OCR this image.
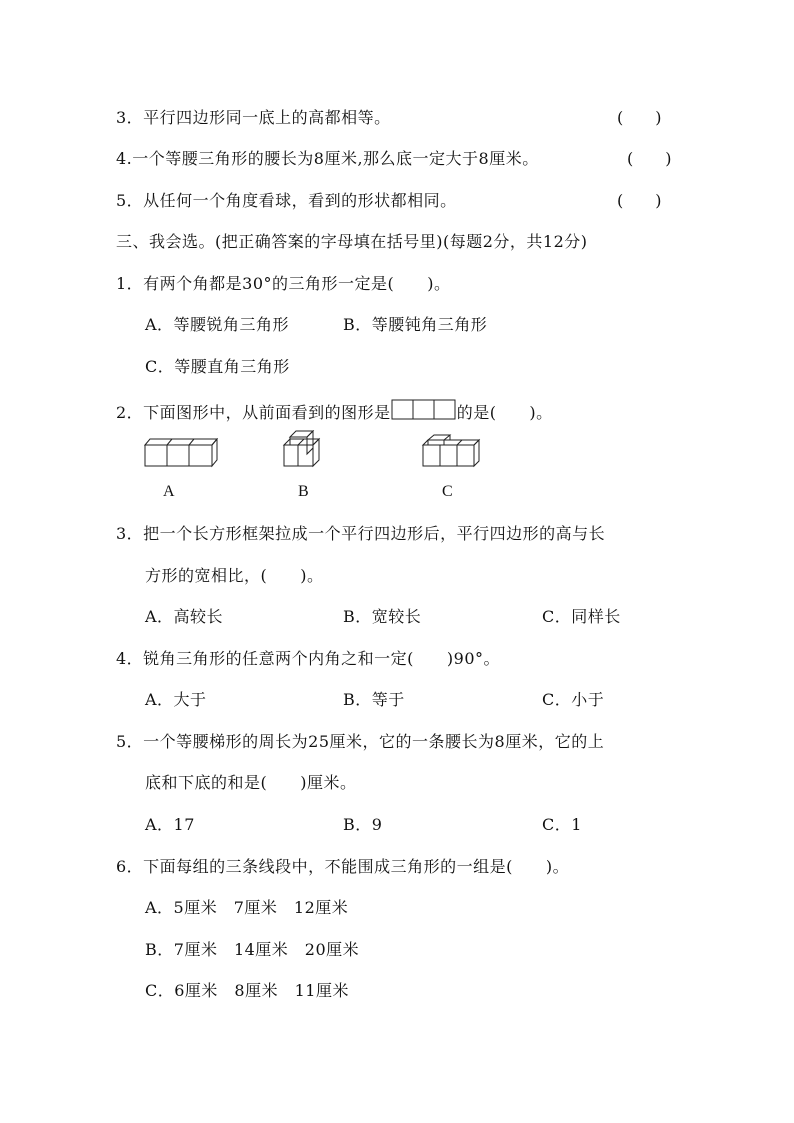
3．平行四边形同一底上的高都相等。	(　　)
4.一个等腰三角形的腰长为8厘米,那么底一定大于8厘米。	(　　)
5．从任何一个角度看球，看到的形状都相同。	(　　)
三、我会选。(把正确答案的字母填在括号里)(每题2分，共12分)
1．有两个角都是30°的三角形一定是(　　)。
A．等腰锐角三角形	B．等腰钝角三角形
C．等腰直角三角形
2．下面图形中，从前面看到的图形是	的是(　　)。
A	B	C
3．把一个长方形框架拉成一个平行四边形后，平行四边形的高与长
方形的宽相比，(　　)。
A．高较长	B．宽较长	C．同样长
4．锐角三角形的任意两个内角之和一定(　　)90°。
A．大于	B．等于	C．小于
5．一个等腰梯形的周长为25厘米，它的一条腰长为8厘米，它的上
底和下底的和是(　　)厘米。
A．17	B．9	C．1
6．下面每组的三条线段中，不能围成三角形的一组是(　　)。
A．5厘米　7厘米　12厘米
B．7厘米　14厘米　20厘米
C．6厘米　8厘米　11厘米
